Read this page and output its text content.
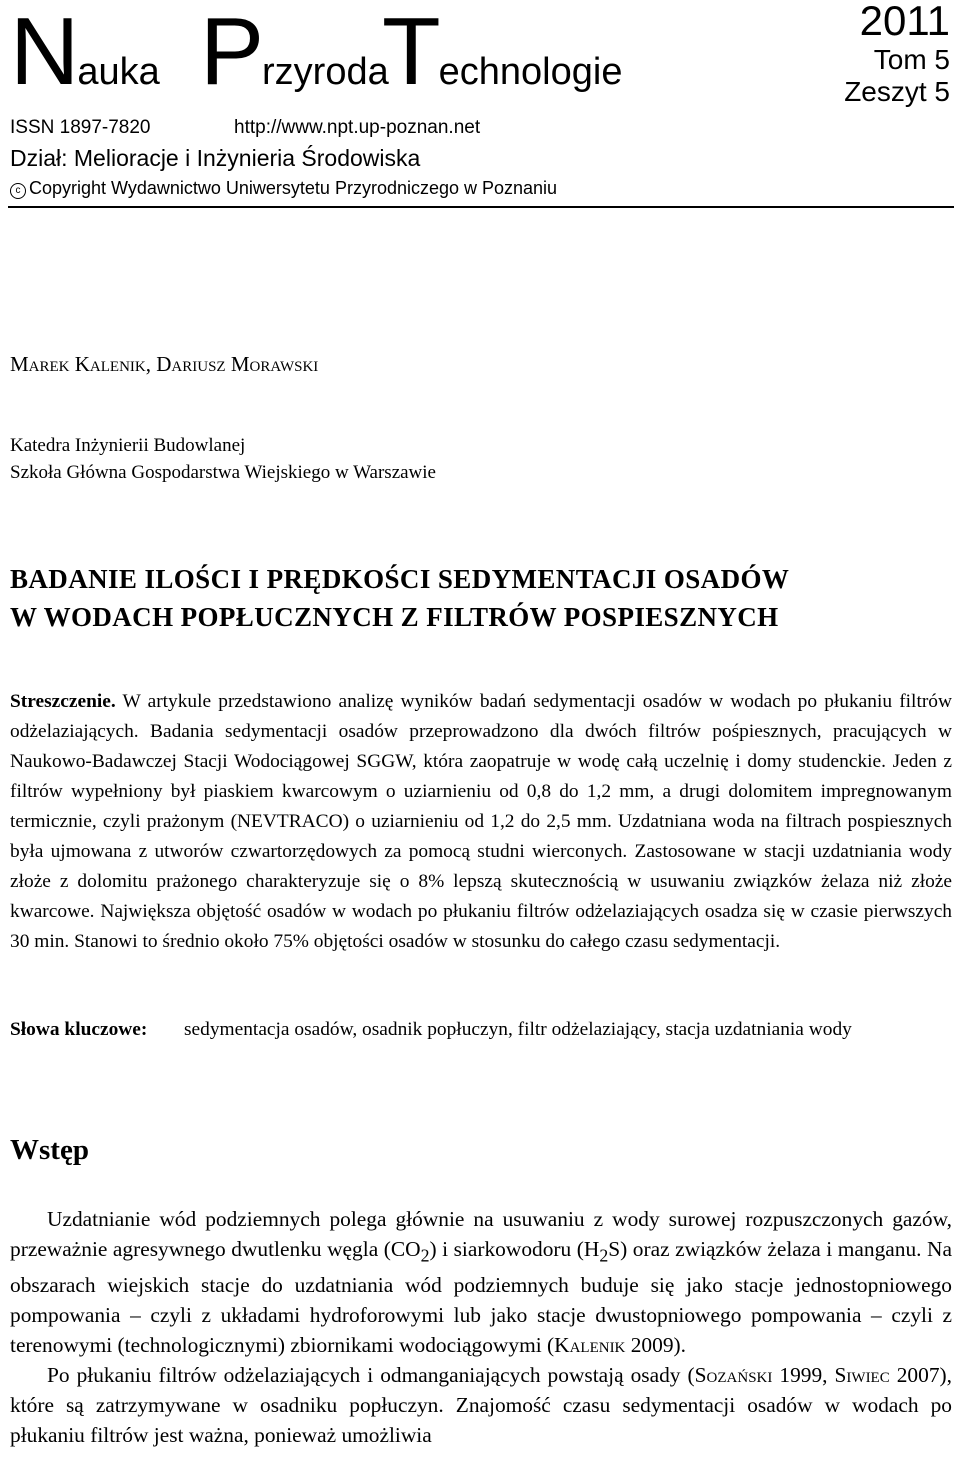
Nauka Przyroda
Technologie
2011
Tom 5
Zeszyt 5
ISSN 1897-7820	http://www.npt.up-poznan.net
Dział: Melioracje i Inżynieria Środowiska
c Copyright Wydawnictwo Uniwersytetu Przyrodniczego w Poznaniu
Marek Kalenik, Dariusz Morawski
Katedra Inżynierii Budowlanej
Szkoła Główna Gospodarstwa Wiejskiego w Warszawie
BADANIE ILOŚCI I PRĘDKOŚCI SEDYMENTACJI OSADÓW
W WODACH POPŁUCZNYCH Z FILTRÓW POSPIESZNYCH
Streszczenie. W artykule przedstawiono analizę wyników badań sedymentacji osadów w wodach po płukaniu filtrów odżelaziających. Badania sedymentacji osadów przeprowadzono dla dwóch filtrów pośpiesznych, pracujących w Naukowo-Badawczej Stacji Wodociągowej SGGW, która zaopatruje w wodę całą uczelnię i domy studenckie. Jeden z filtrów wypełniony był piaskiem kwarcowym o uziarnieniu od 0,8 do 1,2 mm, a drugi dolomitem impregnowanym termicznie, czyli prażonym (NEVTRACO) o uziarnieniu od 1,2 do 2,5 mm. Uzdatniana woda na filtrach pospiesznych była ujmowana z utworów czwartorzędowych za pomocą studni wierconych. Zastosowane w stacji uzdatniania wody złoże z dolomitu prażonego charakteryzuje się o 8% lepszą skutecznością w usuwaniu związków żelaza niż złoże kwarcowe. Największa objętość osadów w wodach po płukaniu filtrów odżelaziających osadza się w czasie pierwszych 30 min. Stanowi to średnio około 75% objętości osadów w stosunku do całego czasu sedymentacji.
Słowa kluczowe: sedymentacja osadów, osadnik popłuczyn, filtr odżelaziający, stacja uzdatniania wody
Wstęp

Uzdatnianie wód podziemnych polega głównie na usuwaniu z wody surowej rozpuszczonych gazów, przeważnie agresywnego dwutlenku węgla $(CO_2)$ i siarkowodoru $(H_2S)$ oraz związków żelaza i manganu. Na obszarach wiejskich stacje do uzdatniania wód podziemnych buduje się jako stacje jednostopniowego pompowania – czyli z układami hydroforowymi lub jako stacje dwustopniowego pompowania – czyli z terenowymi (technologicznymi) zbiornikami wodociągowymi (Kalenik 2009).

Po płukaniu filtrów odżelaziających i odmanganiających powstają osady (Sozański 1999, Siwiec 2007), które są zatrzymywane w osadniku popłuczyn. Znajomość czasu sedymentacji osadów w wodach po płukaniu filtrów jest ważna, ponieważ umożliwia
